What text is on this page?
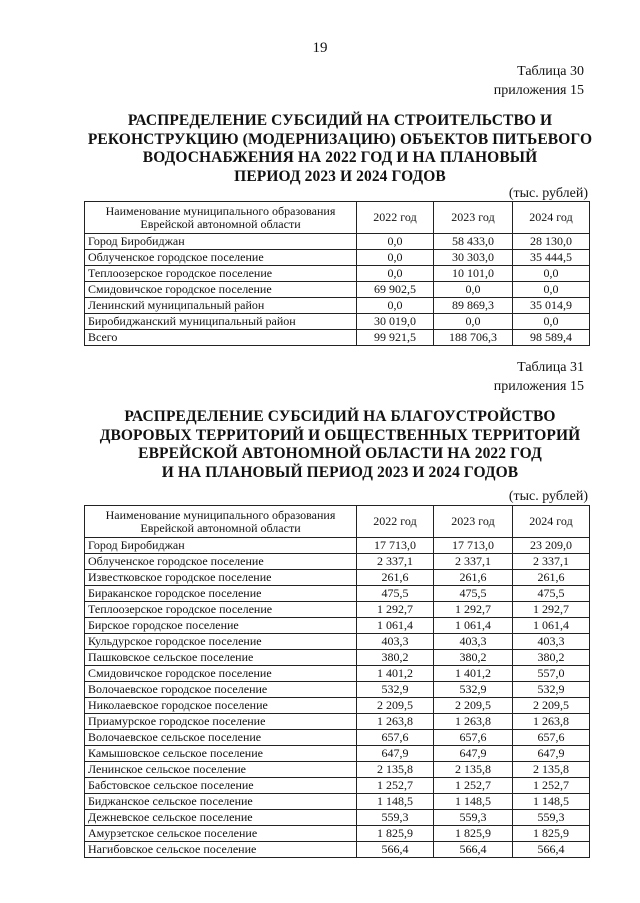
19
Таблица 30
приложения 15
РАСПРЕДЕЛЕНИЕ СУБСИДИЙ НА СТРОИТЕЛЬСТВО И
РЕКОНСТРУКЦИЮ (МОДЕРНИЗАЦИЮ) ОБЪЕКТОВ ПИТЬЕВОГО
ВОДОСНАБЖЕНИЯ НА 2022 ГОД И НА ПЛАНОВЫЙ
ПЕРИОД 2023 И 2024 ГОДОВ
(тыс. рублей)
Наименование муниципального образования Еврейской автономной области	2022 год	2023 год	2024 год
Город Биробиджан	0,0	58 433,0	28 130,0
Облученское городское поселение	0,0	30 303,0	35 444,5
Теплоозерское городское поселение	0,0	10 101,0	0,0
Смидовичское городское поселение	69 902,5	0,0	0,0
Ленинский муниципальный район	0,0	89 869,3	35 014,9
Биробиджанский муниципальный район	30 019,0	0,0	0,0
Всего	99 921,5	188 706,3	98 589,4
Таблица 31
приложения 15
РАСПРЕДЕЛЕНИЕ СУБСИДИЙ НА БЛАГОУСТРОЙСТВО
ДВОРОВЫХ ТЕРРИТОРИЙ И ОБЩЕСТВЕННЫХ ТЕРРИТОРИЙ
ЕВРЕЙСКОЙ АВТОНОМНОЙ ОБЛАСТИ НА 2022 ГОД
И НА ПЛАНОВЫЙ ПЕРИОД 2023 И 2024 ГОДОВ
(тыс. рублей)
Наименование муниципального образования Еврейской автономной области	2022 год	2023 год	2024 год
Город Биробиджан	17 713,0	17 713,0	23 209,0
Облученское городское поселение	2 337,1	2 337,1	2 337,1
Известковское городское поселение	261,6	261,6	261,6
Бираканское городское поселение	475,5	475,5	475,5
Теплоозерское городское поселение	1 292,7	1 292,7	1 292,7
Бирское городское поселение	1 061,4	1 061,4	1 061,4
Кульдурское городское поселение	403,3	403,3	403,3
Пашковское сельское поселение	380,2	380,2	380,2
Смидовичское городское поселение	1 401,2	1 401,2	557,0
Волочаевское городское поселение	532,9	532,9	532,9
Николаевское городское поселение	2 209,5	2 209,5	2 209,5
Приамурское городское поселение	1 263,8	1 263,8	1 263,8
Волочаевское сельское поселение	657,6	657,6	657,6
Камышовское сельское поселение	647,9	647,9	647,9
Ленинское сельское поселение	2 135,8	2 135,8	2 135,8
Бабстовское сельское поселение	1 252,7	1 252,7	1 252,7
Биджанское сельское поселение	1 148,5	1 148,5	1 148,5
Дежневское сельское поселение	559,3	559,3	559,3
Амурзетское сельское поселение	1 825,9	1 825,9	1 825,9
Нагибовское сельское поселение	566,4	566,4	566,4
